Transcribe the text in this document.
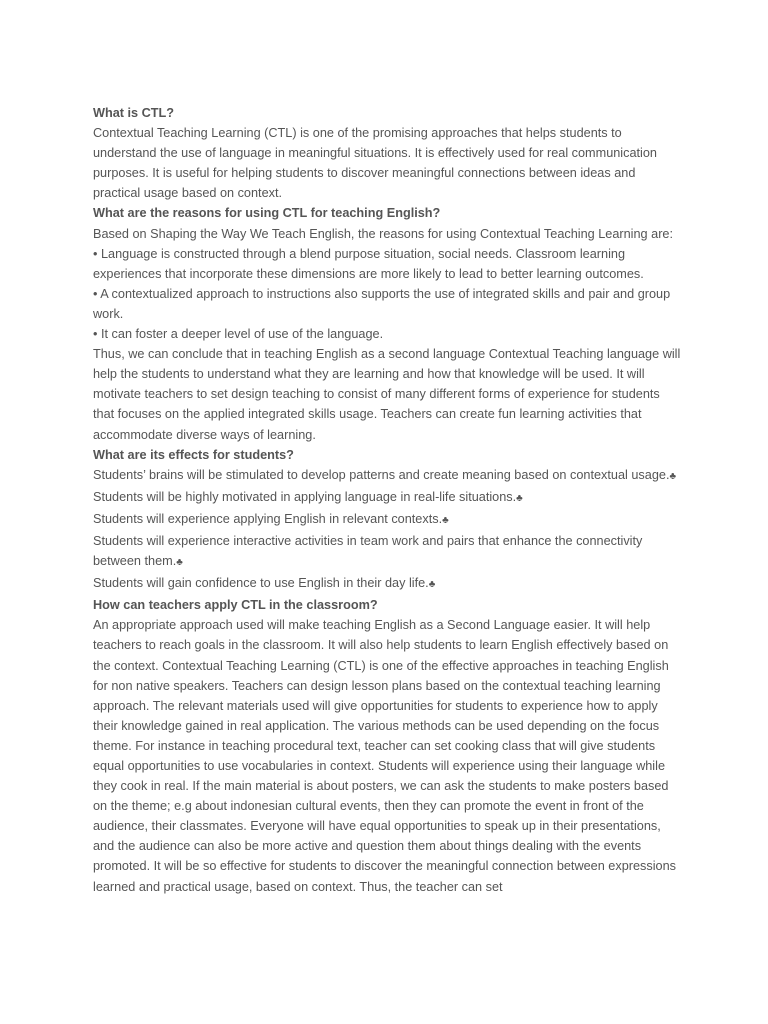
What is CTL?

Contextual Teaching Learning (CTL) is one of the promising approaches that helps students to understand the use of language in meaningful situations. It is effectively used for real communication purposes. It is useful for helping students to discover meaningful connections between ideas and practical usage based on context.

What are the reasons for using CTL for teaching English?

Based on Shaping the Way We Teach English, the reasons for using Contextual Teaching Learning are:

• Language is constructed through a blend purpose situation, social needs. Classroom learning experiences that incorporate these dimensions are more likely to lead to better learning outcomes.

• A contextualized approach to instructions also supports the use of integrated skills and pair and group work.

• It can foster a deeper level of use of the language.

Thus, we can conclude that in teaching English as a second language Contextual Teaching language will help the students to understand what they are learning and how that knowledge will be used. It will motivate teachers to set design teaching to consist of many different forms of experience for students that focuses on the applied integrated skills usage. Teachers can create fun learning activities that accommodate diverse ways of learning.

What are its effects for students?

Students’ brains will be stimulated to develop patterns and create meaning based on contextual usage.♣

Students will be highly motivated in applying language in real-life situations.♣

Students will experience applying English in relevant contexts.♣

Students will experience interactive activities in team work and pairs that enhance the connectivity between them.♣

Students will gain confidence to use English in their day life.♣

How can teachers apply CTL in the classroom?

An appropriate approach used will make teaching English as a Second Language easier. It will help teachers to reach goals in the classroom. It will also help students to learn English effectively based on the context. Contextual Teaching Learning (CTL) is one of the effective approaches in teaching English for non native speakers. Teachers can design lesson plans based on the contextual teaching learning approach. The relevant materials used will give opportunities for students to experience how to apply their knowledge gained in real application. The various methods can be used depending on the focus theme. For instance in teaching procedural text, teacher can set cooking class that will give students equal opportunities to use vocabularies in context. Students will experience using their language while they cook in real. If the main material is about posters, we can ask the students to make posters based on the theme; e.g about indonesian cultural events, then they can promote the event in front of the audience, their classmates. Everyone will have equal opportunities to speak up in their presentations, and the audience can also be more active and question them about things dealing with the events promoted. It will be so effective for students to discover the meaningful connection between expressions learned and practical usage, based on context. Thus, the teacher can set
